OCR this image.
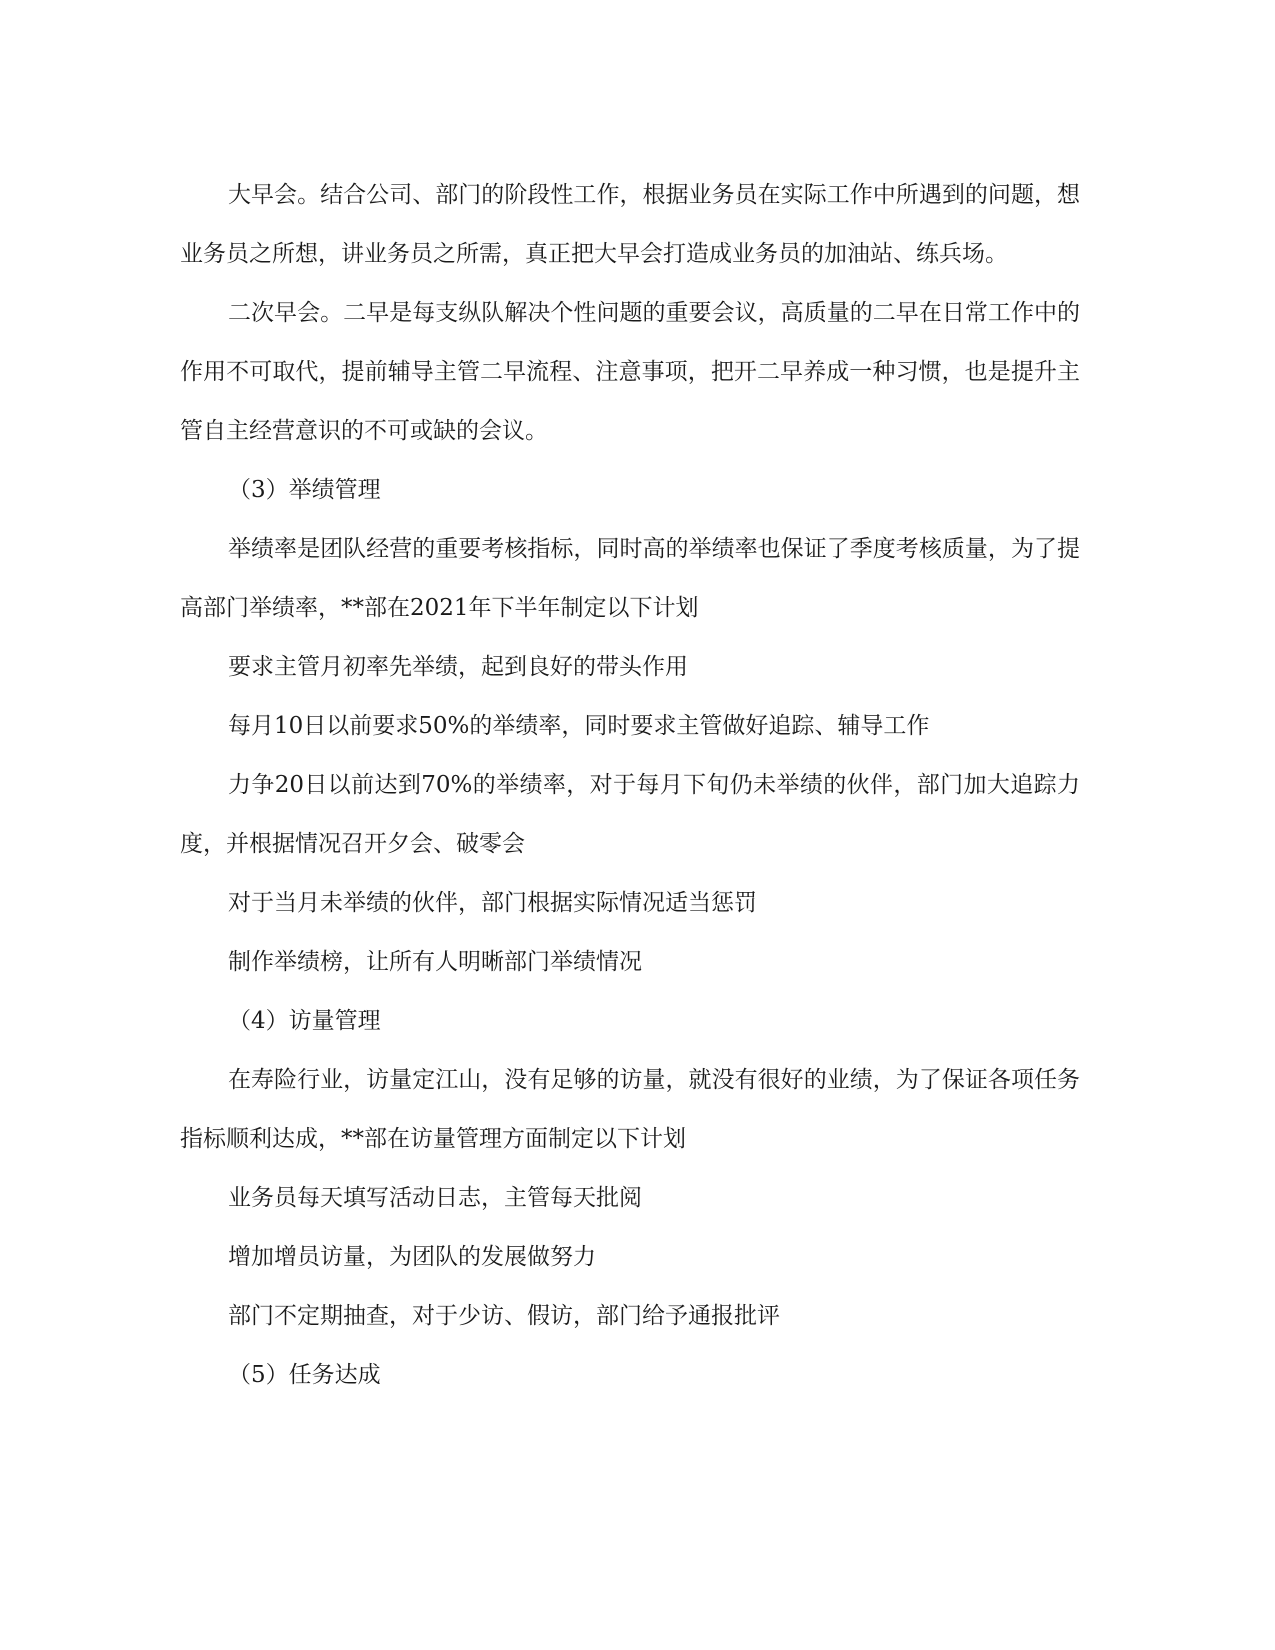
大早会。结合公司、部门的阶段性工作，根据业务员在实际工作中所遇到的问题，想业务员之所想，讲业务员之所需，真正把大早会打造成业务员的加油站、练兵场。

二次早会。二早是每支纵队解决个性问题的重要会议，高质量的二早在日常工作中的作用不可取代，提前辅导主管二早流程、注意事项，把开二早养成一种习惯，也是提升主管自主经营意识的不可或缺的会议。

（3）举绩管理

举绩率是团队经营的重要考核指标，同时高的举绩率也保证了季度考核质量，为了提高部门举绩率，**部在2021年下半年制定以下计划

要求主管月初率先举绩，起到良好的带头作用

每月10日以前要求50%的举绩率，同时要求主管做好追踪、辅导工作

力争20日以前达到70%的举绩率，对于每月下旬仍未举绩的伙伴，部门加大追踪力度，并根据情况召开夕会、破零会

对于当月未举绩的伙伴，部门根据实际情况适当惩罚

制作举绩榜，让所有人明晰部门举绩情况

（4）访量管理

在寿险行业，访量定江山，没有足够的访量，就没有很好的业绩，为了保证各项任务指标顺利达成，**部在访量管理方面制定以下计划

业务员每天填写活动日志，主管每天批阅

增加增员访量，为团队的发展做努力

部门不定期抽查，对于少访、假访，部门给予通报批评

（5）任务达成
